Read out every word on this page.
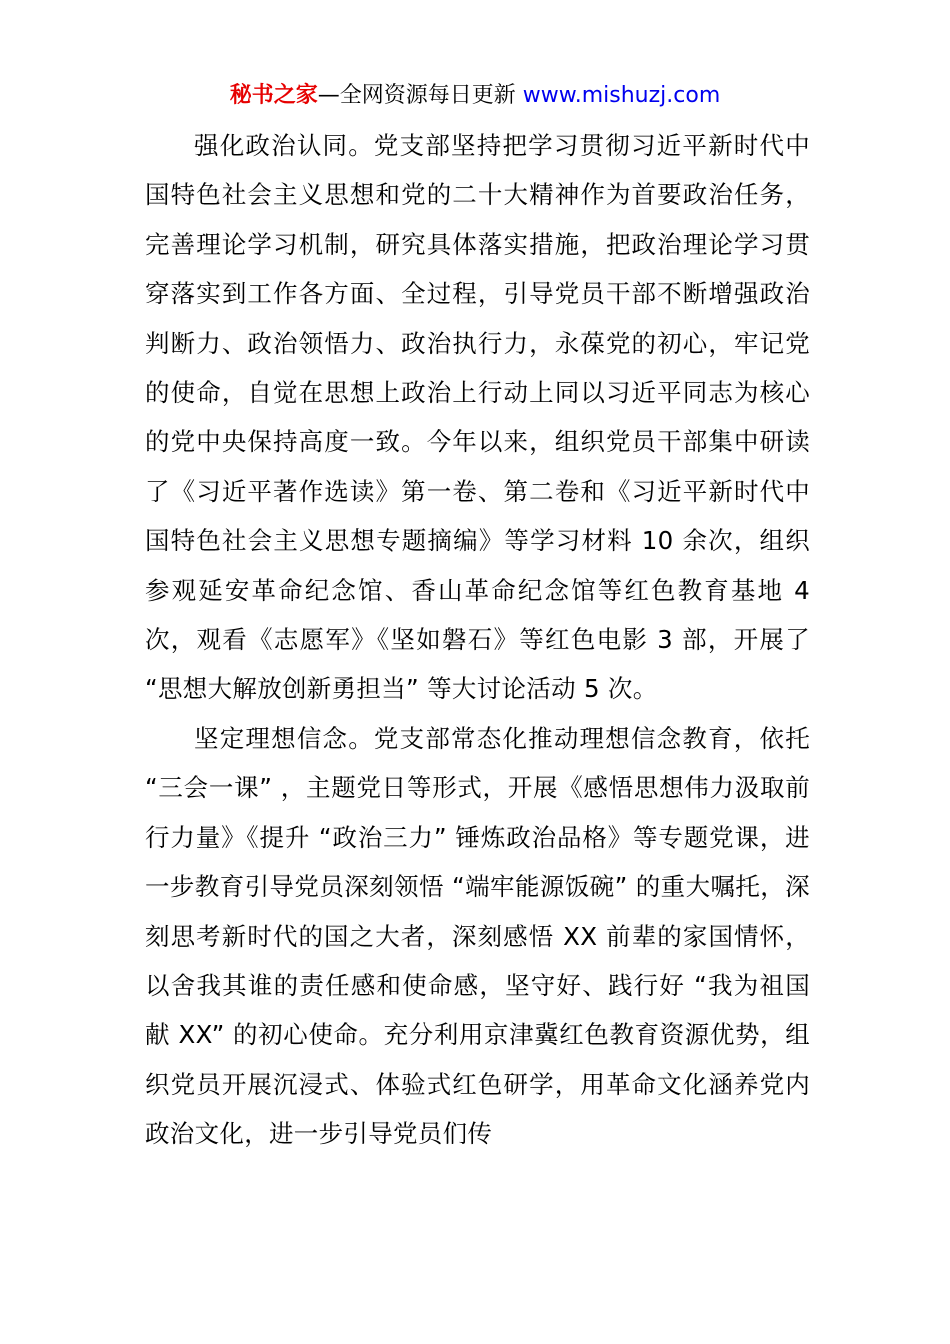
秘书之家—全网资源每日更新 www.mishuzj.com

强化政治认同。党支部坚持把学习贯彻习近平新时代中国特色社会主义思想和党的二十大精神作为首要政治任务，完善理论学习机制，研究具体落实措施，把政治理论学习贯穿落实到工作各方面、全过程，引导党员干部不断增强政治判断力、政治领悟力、政治执行力，永葆党的初心，牢记党的使命，自觉在思想上政治上行动上同以习近平同志为核心的党中央保持高度一致。今年以来，组织党员干部集中研读了《习近平著作选读》第一卷、第二卷和《习近平新时代中国特色社会主义思想专题摘编》等学习材料 10 余次，组织参观延安革命纪念馆、香山革命纪念馆等红色教育基地 4 次，观看《志愿军》《坚如磐石》等红色电影 3 部，开展了 “思想大解放创新勇担当” 等大讨论活动 5 次。

坚定理想信念。党支部常态化推动理想信念教育，依托 “三会一课” ，主题党日等形式，开展《感悟思想伟力汲取前行力量》《提升 “政治三力” 锤炼政治品格》等专题党课，进一步教育引导党员深刻领悟 “端牢能源饭碗” 的重大嘱托，深刻思考新时代的国之大者，深刻感悟 XX 前辈的家国情怀，以舍我其谁的责任感和使命感，坚守好、践行好 “我为祖国献 XX” 的初心使命。充分利用京津冀红色教育资源优势，组织党员开展沉浸式、体验式红色研学，用革命文化涵养党内政治文化，进一步引导党员们传
